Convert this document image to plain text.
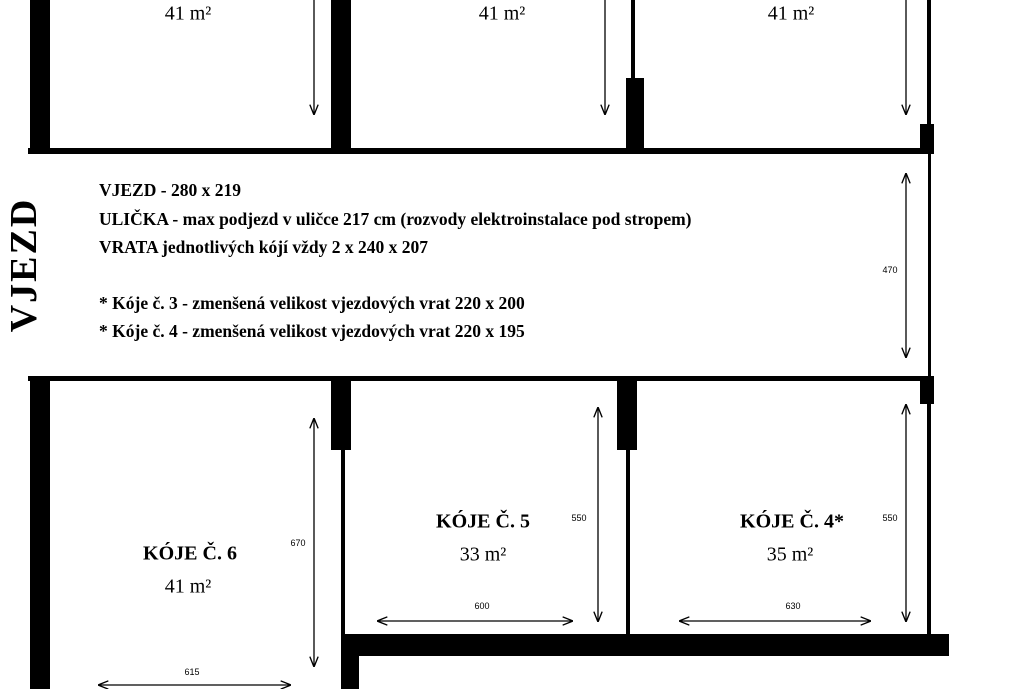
41 m²	41 m²	41 m²
VJEZD
VJEZD - 280 x 219
ULIČKA - max podjezd v uličce 217 cm (rozvody elektroinstalace pod stropem)
VRATA jednotlivých kójí vždy 2 x 240 x 207
* Kóje č. 3 - zmenšená velikost vjezdových vrat 220 x 200
* Kóje č. 4 - zmenšená velikost vjezdových vrat 220 x 195
470
KÓJE Č. 6
41 m²
670
615
KÓJE Č. 5
33 m²
550
600
KÓJE Č. 4*
35 m²
550
630
